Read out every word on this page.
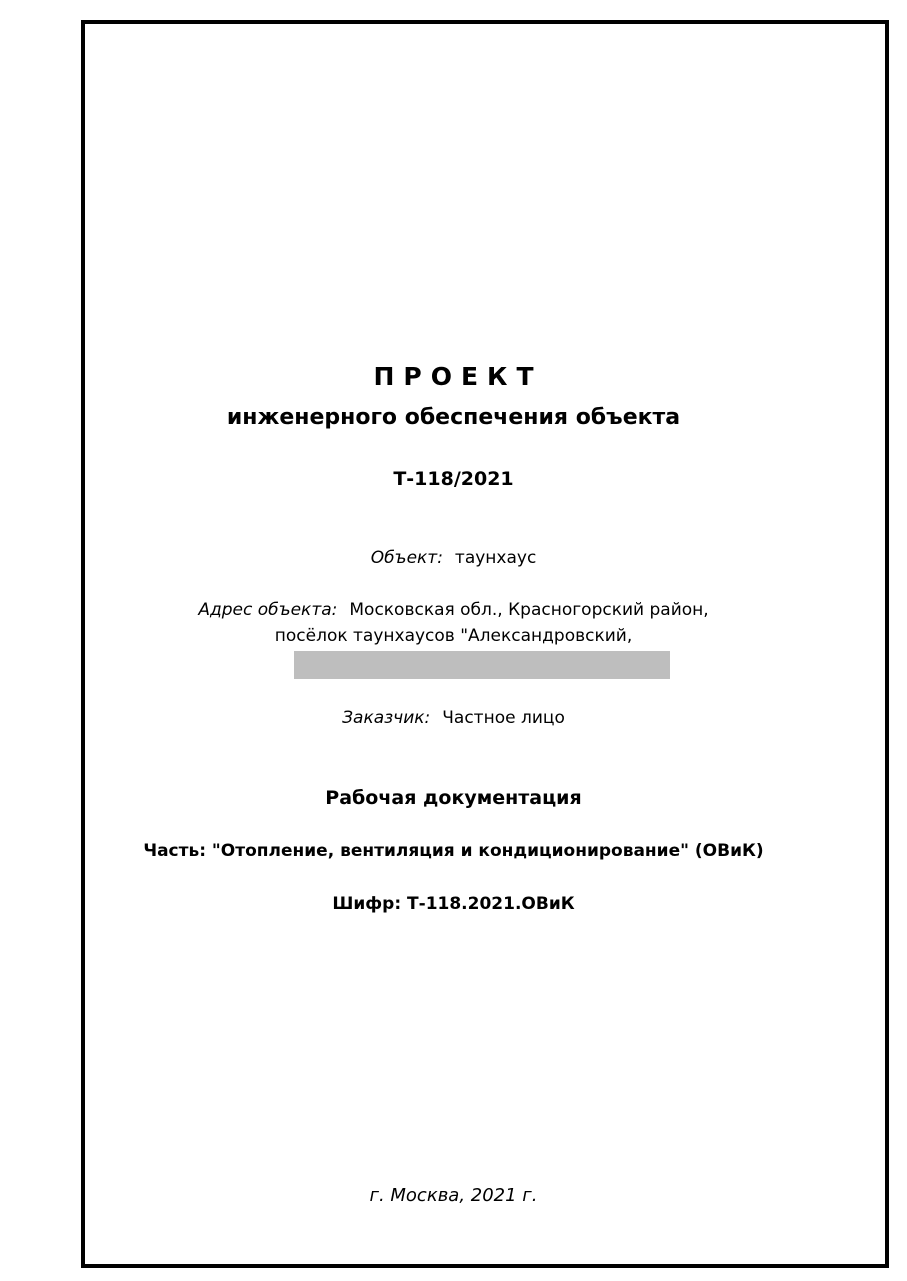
ПРОЕКТ
инженерного обеспечения объекта
Т-118/2021
Объект: таунхаус
Адрес объекта: Московская обл., Красногорский район,
посёлок таунхаусов "Александровский,
Заказчик: Частное лицо
Рабочая документация
Часть: "Отопление, вентиляция и кондиционирование" (ОВиК)
Шифр: Т-118.2021.ОВиК
г. Москва, 2021 г.
